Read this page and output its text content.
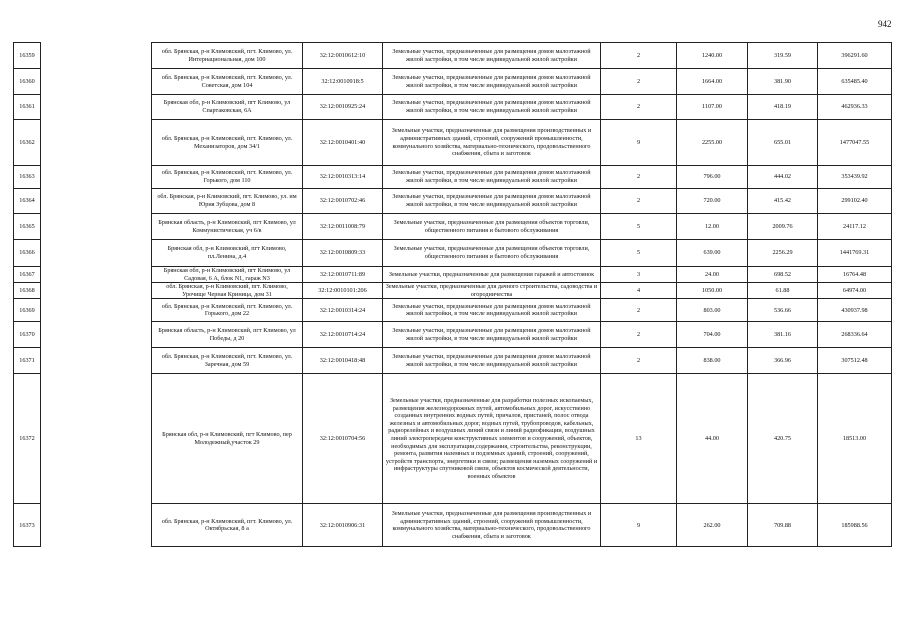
942
16359		обл. Брянская, р-н Климовский, пгт. Климово, ул. Интернациональная, дом 100	32:12:0010612:10	Земельные участки, предназначенные для размещения домов малоэтажной жилой застройки, в том числе индивидуальной жилой застройки	2	1240.00	319.59	396291.60
16360		обл. Брянская, р-н Климовский, пгт. Климово, ул. Советская, дом 104	32:12:0010918:5	Земельные участки, предназначенные для размещения домов малоэтажной жилой застройки, в том числе индивидуальной жилой застройки	2	1664.00	381.90	635485.40
16361		Брянская обл, р-н Климовский, пгт Климово, ул Спартаковская, 6А	32:12:0010925:24	Земельные участки, предназначенные для размещения домов малоэтажной жилой застройки, в том числе индивидуальной жилой застройки	2	1107.00	418.19	462936.33
16362		обл. Брянская, р-н Климовский, пгт. Климово, ул. Механизаторов, дом 34/1	32:12:0010401:40	Земельные участки, предназначенные для размещения производственных и административных зданий, строений, сооружений промышленности, коммунального хозяйства, материально-технического, продовольственного снабжения, сбыта и заготовок	9	2255.00	655.01	1477047.55
16363		обл. Брянская, р-н Климовский, пгт. Климово, ул. Горького, дом 110	32:12:0010313:14	Земельные участки, предназначенные для размещения домов малоэтажной жилой застройки, в том числе индивидуальной жилой застройки	2	796.00	444.02	353439.92
16364		обл. Брянская, р-н Климовский, пгт. Климово, ул. им Юрия Зубцова, дом 8	32:12:0010702:46	Земельные участки, предназначенные для размещения домов малоэтажной жилой застройки, в том числе индивидуальной жилой застройки	2	720.00	415.42	299102.40
16365		Брянская область, р-н Климовский, пгт Климово, ул Коммунистическая, уч 6/в	32:12:0011008:79	Земельные участки, предназначенные для размещения объектов торговли, общественного питания и бытового обслуживания	5	12.00	2009.76	24117.12
16366		Брянская обл, р-н Климовский, пгт Климово, пл.Ленина, д.4	32:12:0010809:33	Земельные участки, предназначенные для размещения объектов торговли, общественного питания и бытового обслуживания	5	639.00	2256.29	1441769.31
16367		Брянская обл, р-н Климовский, пгт Климово, ул Садовая, 6 А, блок N1, гараж N3	32:12:0010711:89	Земельные участки, предназначенные для размещения гаражей и автостоянок	3	24.00	698.52	16764.48
16368		обл. Брянская, р-н Климовский, пгт. Климово, Урочище Черная Криница, дом 31	32:12:0010101:206	Земельные участки, предназначенные для дачного строительства, садоводства и огородничества	4	1050.00	61.88	64974.00
16369		обл. Брянская, р-н Климовский, пгт. Климово, ул. Горького, дом 22	32:12:0010314:24	Земельные участки, предназначенные для размещения домов малоэтажной жилой застройки, в том числе индивидуальной жилой застройки	2	803.00	536.66	430937.98
16370		Брянская область, р-н Климовский, пгт Климово, ул Победы, д 20	32:12:0010714:24	Земельные участки, предназначенные для размещения домов малоэтажной жилой застройки, в том числе индивидуальной жилой застройки	2	704.00	381.16	268336.64
16371		обл. Брянская, р-н Климовский, пгт. Климово, ул. Заречная, дом 59	32:12:0010418:48	Земельные участки, предназначенные для размещения домов малоэтажной жилой застройки, в том числе индивидуальной жилой застройки	2	838.00	366.96	307512.48
16372		Брянская обл, р-н Климовский, пгт Климово, пер Молодежный,участок 29	32:12:0010704:56	Земельные участки, предназначенные для разработки полезных ископаемых, размещения железнодорожных путей, автомобильных дорог, искусственно созданных внутренних водных путей, причалов, пристаней, полос отвода железных и автомобильных дорог, водных путей, трубопроводов, кабельных, радиорелейных и воздушных линий связи и линий радиофикации, воздушных линий электропередачи конструктивных элементов и сооружений, объектов, необходимых для эксплуатации,содержания, строительства, реконструкции, ремонта, развития наземных и подземных зданий, строений, сооружений, устройств транспорта, энергетики и связи; размещения наземных сооружений и инфраструктуры спутниковой связи, объектов космической деятельности, военных объектов	13	44.00	420.75	18513.00
16373		обл. Брянская, р-н Климовский, пгт. Климово, ул. Октябрьская, 8 а	32:12:0010906:31	Земельные участки, предназначенные для размещения производственных и административных зданий, строений, сооружений промышленности, коммунального хозяйства, материально-технического, продовольственного снабжения, сбыта и заготовок	9	262.00	709.88	185988.56
